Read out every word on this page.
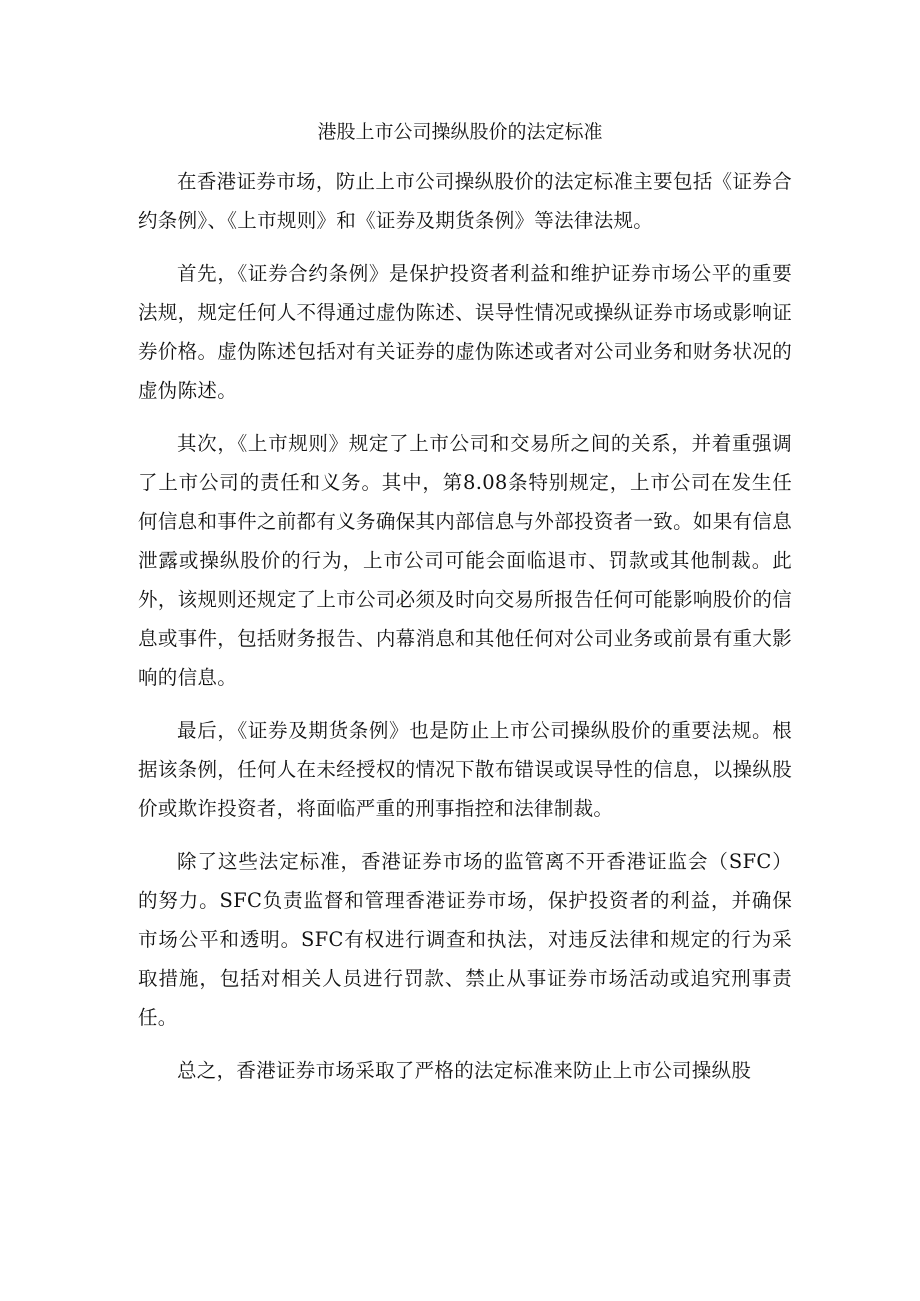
港股上市公司操纵股价的法定标准

在香港证券市场，防止上市公司操纵股价的法定标准主要包括《证券合约条例》、《上市规则》和《证券及期货条例》等法律法规。

首先，《证券合约条例》是保护投资者利益和维护证券市场公平的重要法规，规定任何人不得通过虚伪陈述、误导性情况或操纵证券市场或影响证券价格。虚伪陈述包括对有关证券的虚伪陈述或者对公司业务和财务状况的虚伪陈述。

其次，《上市规则》规定了上市公司和交易所之间的关系，并着重强调了上市公司的责任和义务。其中，第8.08条特别规定，上市公司在发生任何信息和事件之前都有义务确保其内部信息与外部投资者一致。如果有信息泄露或操纵股价的行为，上市公司可能会面临退市、罚款或其他制裁。此外，该规则还规定了上市公司必须及时向交易所报告任何可能影响股价的信息或事件，包括财务报告、内幕消息和其他任何对公司业务或前景有重大影响的信息。

最后，《证券及期货条例》也是防止上市公司操纵股价的重要法规。根据该条例，任何人在未经授权的情况下散布错误或误导性的信息，以操纵股价或欺诈投资者，将面临严重的刑事指控和法律制裁。

除了这些法定标准，香港证券市场的监管离不开香港证监会（SFC）的努力。SFC负责监督和管理香港证券市场，保护投资者的利益，并确保市场公平和透明。SFC有权进行调查和执法，对违反法律和规定的行为采取措施，包括对相关人员进行罚款、禁止从事证券市场活动或追究刑事责任。

总之，香港证券市场采取了严格的法定标准来防止上市公司操纵股
